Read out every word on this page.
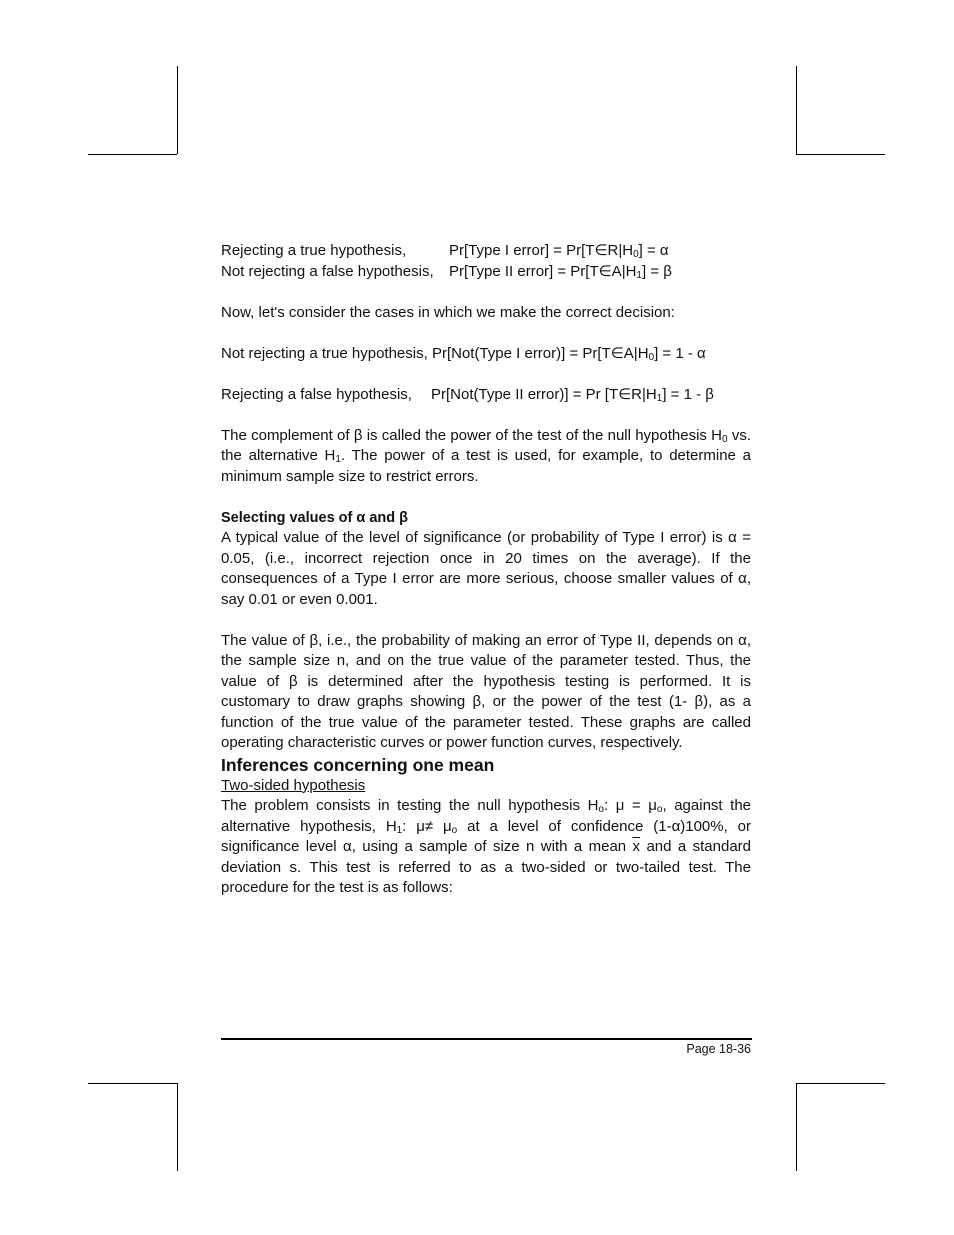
Rejecting a true hypothesis,	Pr[Type I error] = $Pr[T\in R|H_0] = \alpha$
Not rejecting a false hypothesis,	Pr[Type II error] = $Pr[T\in A|H_1] = \beta$

Now, let's consider the cases in which we make the correct decision:

Not rejecting a true hypothesis, Pr[Not(Type I error)] = $Pr[T\in A|H_0] = 1 - \alpha$

Rejecting a false hypothesis,	Pr[Not(Type II error)] = Pr $[T\in R|H_1] = 1 - \beta$

The complement of β is called the power of the test of the null hypothesis $H_0$ vs. the alternative $H_1$. The power of a test is used, for example, to determine a minimum sample size to restrict errors.

Selecting values of α and β

A typical value of the level of significance (or probability of Type I error) is α = 0.05, (i.e., incorrect rejection once in 20 times on the average). If the consequences of a Type I error are more serious, choose smaller values of α, say 0.01 or even 0.001.

The value of β, i.e., the probability of making an error of Type II, depends on α, the sample size n, and on the true value of the parameter tested. Thus, the value of β is determined after the hypothesis testing is performed. It is customary to draw graphs showing β, or the power of the test (1- β), as a function of the true value of the parameter tested. These graphs are called operating characteristic curves or power function curves, respectively.

Inferences concerning one mean

Two-sided hypothesis

The problem consists in testing the null hypothesis $H_o$: $\mu = \mu_o$, against the alternative hypothesis, $H_1$: $\mu\ne \mu_o$ at a level of confidence (1-α)100%, or significance level α, using a sample of size n with a mean $\overline{x}$ and a standard deviation s. This test is referred to as a two-sided or two-tailed test. The procedure for the test is as follows:

Page 18-36
